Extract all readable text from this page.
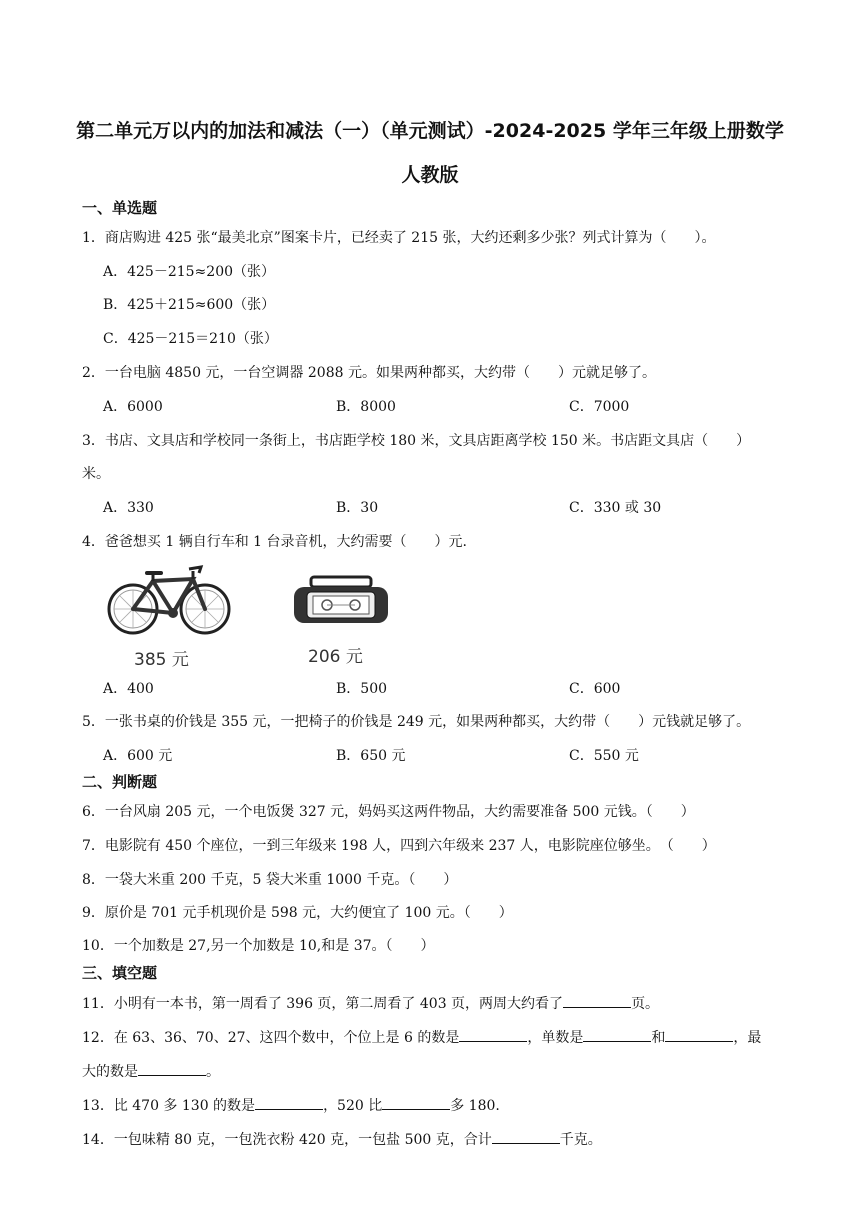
第二单元万以内的加法和减法（一）（单元测试）-2024-2025 学年三年级上册数学
人教版
一、单选题
1．商店购进 425 张“最美北京”图案卡片，已经卖了 215 张，大约还剩多少张？列式计算为（　　）。
A．425－215≈200（张）
B．425＋215≈600（张）
C．425－215＝210（张）
2．一台电脑 4850 元，一台空调器 2088 元。如果两种都买，大约带（　　）元就足够了。
A．6000	B．8000	C．7000
3．书店、文具店和学校同一条街上，书店距学校 180 米，文具店距离学校 150 米。书店距文具店（　　）
米。
A．330	B．30	C．330 或 30
4．爸爸想买 1 辆自行车和 1 台录音机，大约需要（　　）元.
385 元	206 元
A．400	B．500	C．600
5．一张书桌的价钱是 355 元，一把椅子的价钱是 249 元，如果两种都买，大约带（　　）元钱就足够了。
A．600 元	B．650 元	C．550 元
二、判断题
6．一台风扇 205 元，一个电饭煲 327 元，妈妈买这两件物品，大约需要准备 500 元钱。（　　）
7．电影院有 450 个座位，一到三年级来 198 人，四到六年级来 237 人，电影院座位够坐。　（　　）
8．一袋大米重 200 千克，5 袋大米重 1000 千克。（　　）
9．原价是 701 元手机现价是 598 元，大约便宜了 100 元。（　　）
10．一个加数是 27,另一个加数是 10,和是 37。（　　）
三、填空题
11．小明有一本书，第一周看了 396 页，第二周看了 403 页，两周大约看了	页。
12．在 63、36、70、27、这四个数中，个位上是 6 的数是	，单数是	和	，最
大的数是	。
13．比 470 多 130 的数是	，520 比	多 180.
14．一包味精 80 克，一包洗衣粉 420 克，一包盐 500 克，合计	千克。
